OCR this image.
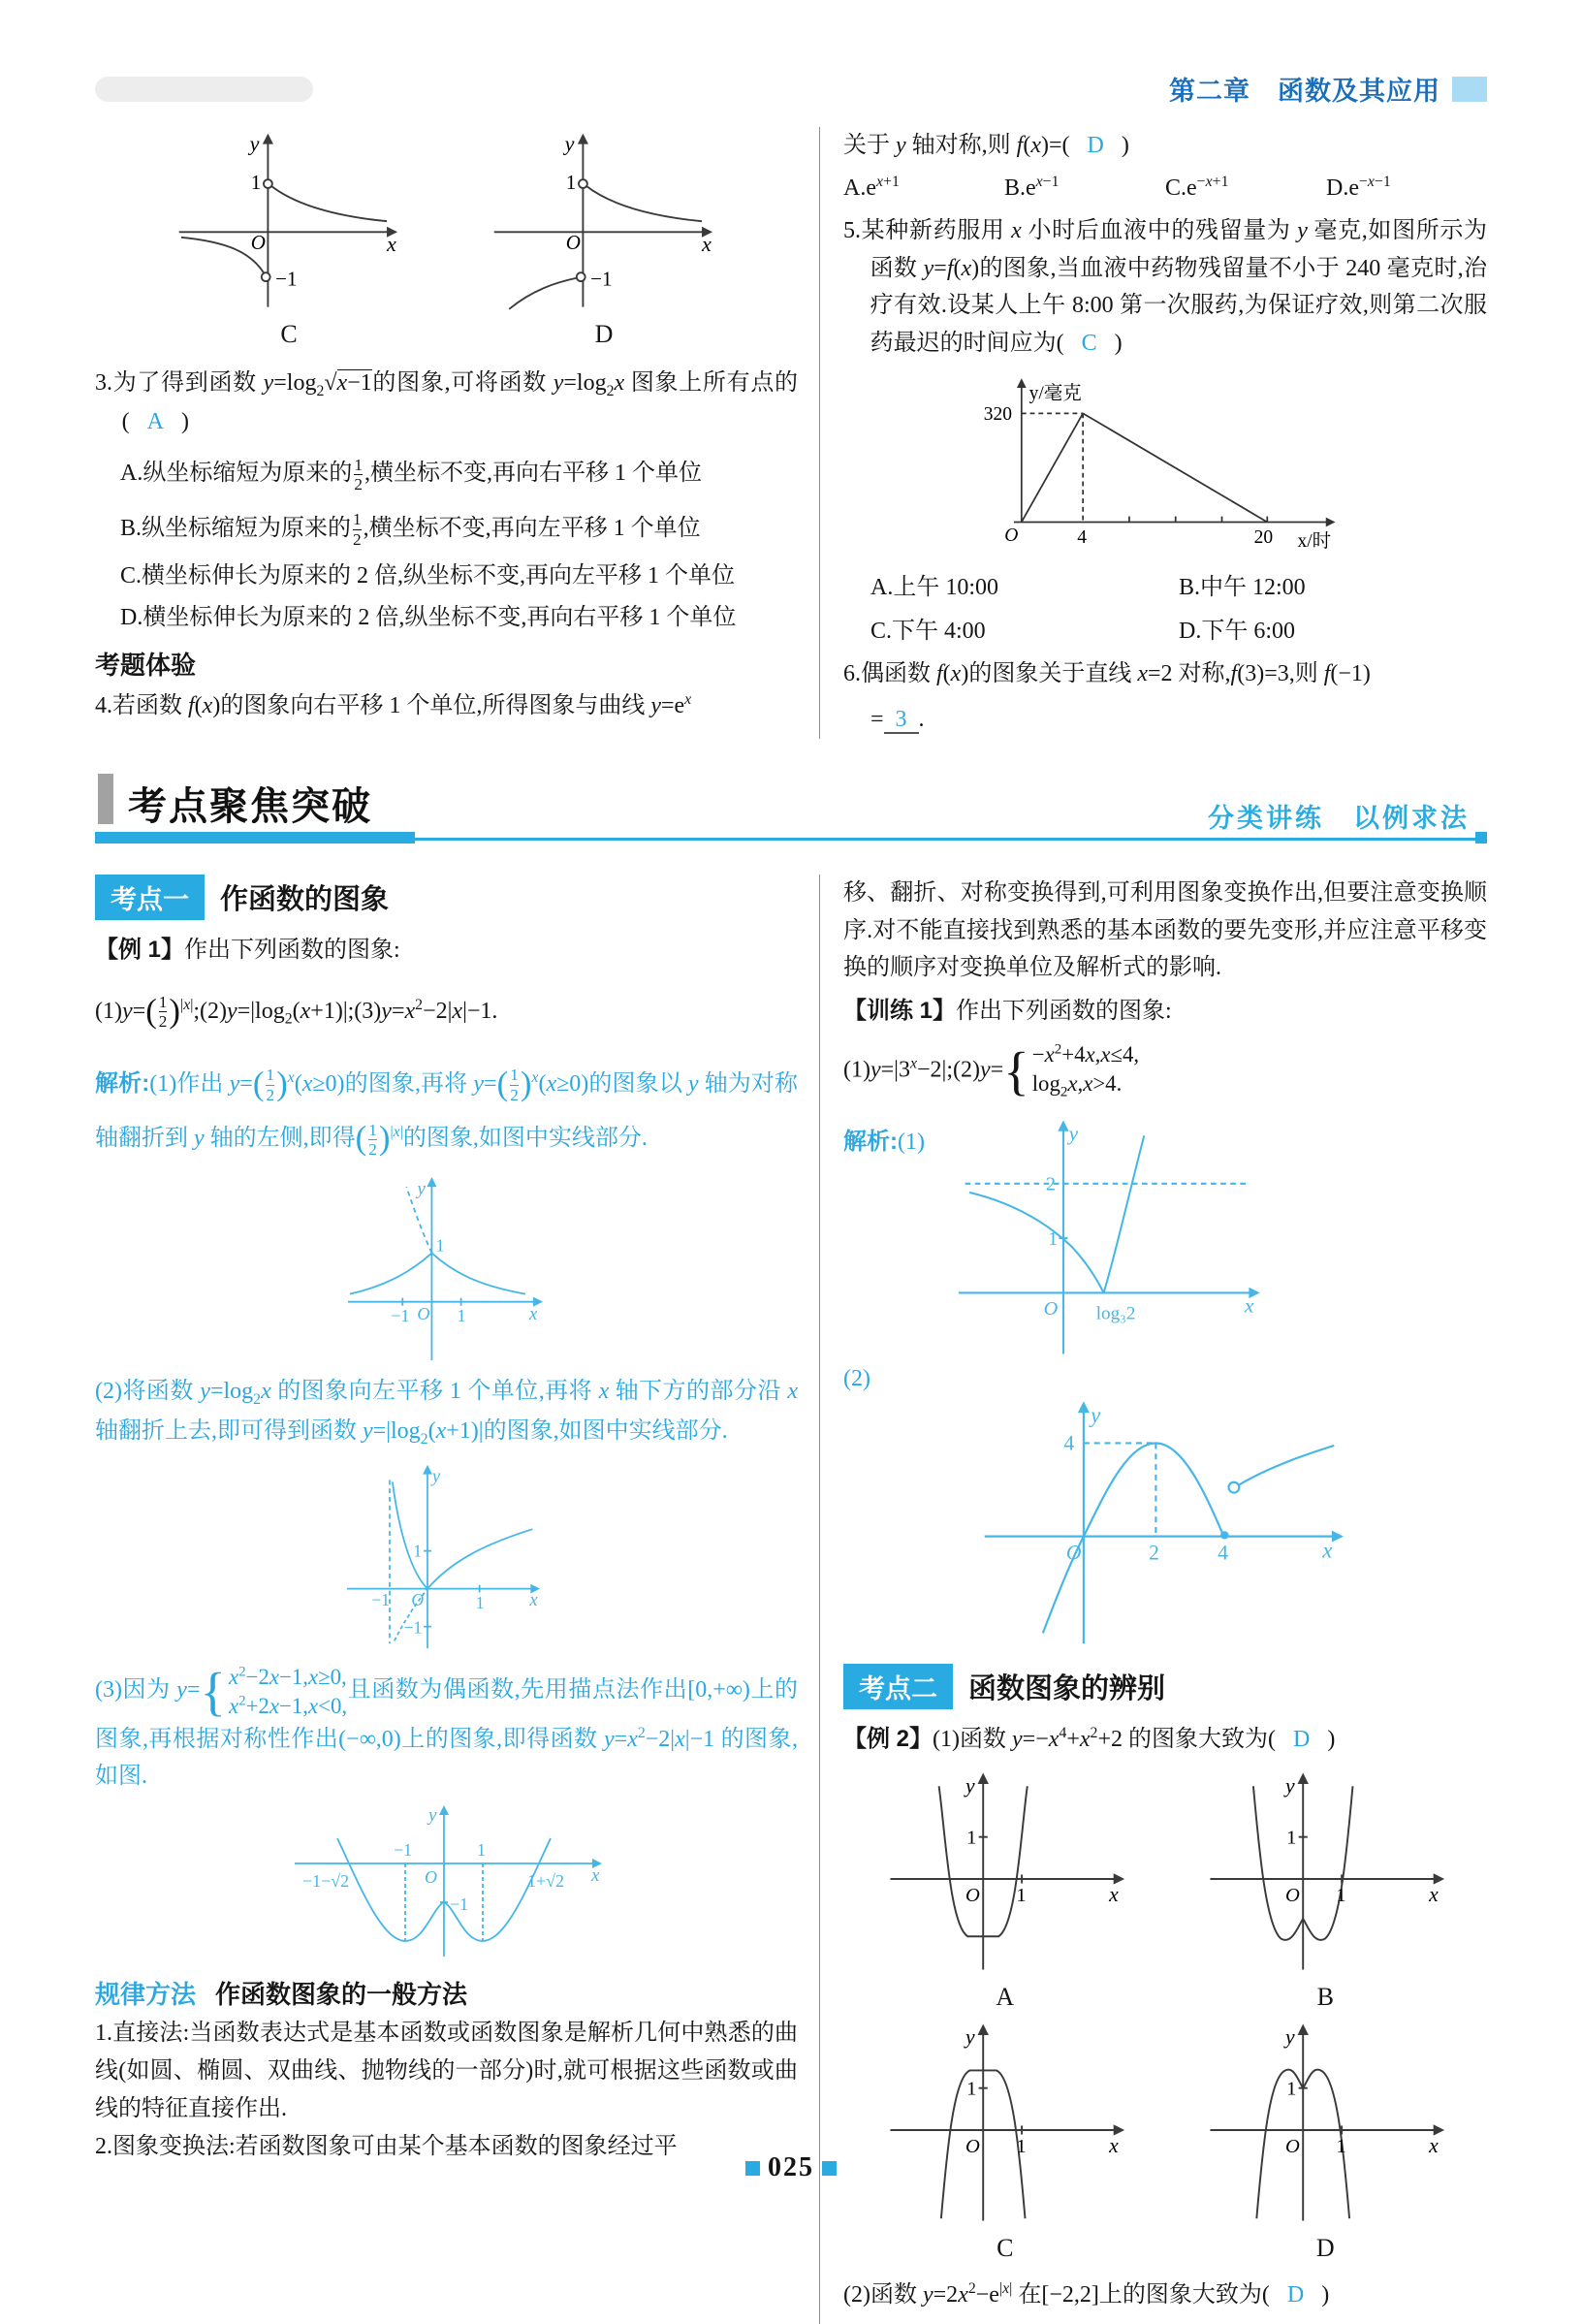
第二章　函数及其应用
y
x
O
1
−1
C
y
x
O
1
−1
D
3.为了得到函数 $y=\log_2√x-1$的图象,可将函数 $y=\log_2x$ 图象上所有点的(   A   )
A.纵坐标缩短为原来的 $\frac{1}{2}$ ,横坐标不变,再向右平移 1 个单位
B.纵坐标缩短为原来的 $\frac{1}{2}$ ,横坐标不变,再向左平移 1 个单位
C.横坐标伸长为原来的 2 倍,纵坐标不变,再向左平移 1 个单位
D.横坐标伸长为原来的 2 倍,纵坐标不变,再向右平移 1 个单位
考题体验
4.若函数 f(x)的图象向右平移 1 个单位,所得图象与曲线 $y=e^x$
关于 y 轴对称,则 f(x)=(   D   )
$A.e^{x+1}$	$B.e^{x-1}$	$C.e^{-x+1}$	$D.e^{-x-1}$
5.某种新药服用 x 小时后血液中的残留量为 y 毫克,如图所示为函数 y=f(x)的图象,当血液中药物残留量不小于 240 毫克时,治疗有效.设某人上午 8:00 第一次服药,为保证疗效,则第二次服药最迟的时间应为(   C   )
320
y/毫克
O	4	20 x/时
A.上午 10:00	B.中午 12:00
C.下午 4:00	D.下午 6:00
6.偶函数 f(x)的图象关于直线 x=2 对称,f(3)=3,则 f(−1)
= 3 .
考点聚焦突破	分类讲练　以例求法
考点一	作函数的图象
【例 1】作出下列函数的图象:
$(1)y=( \frac{1}{2}$ )$^{|x|};(2)y=|\log_2(x+1)|;(3)y=x^2-2|x|-1$.
解析:(1)作出 $y=( \frac{1}{2} )^x(x\ge 0)$的图象,再将 $y=( \frac{1}{2} )^x(x\ge 0)$的图象以 y 轴为对称轴翻折到 y 轴的左侧,即得( $\frac{1}{2} )^{|x|}$的图象,如图中实线部分.
y
x
1
−1 O 1
(2)将函数 $y=\log_2x$ 的图象向左平移 1 个单位,再将 x 轴下方的部分沿 x 轴翻折上去,即可得到函数 $y=|\log_2(x+1)|$的图象,如图中实线部分.
y
x
1
−1
−1 O	1
(3)因为 y= { $x^2-2x-1,x\ge 0$,
$x^2+2x-1,x<0$,
且函数为偶函数,先用描点法作出[0,+∞)上的图象,再根据对称性作出(−∞,0)上的图象,即得函数 $y=x^2-2|x|-1$ 的图象,如图.
y
x
−1	1
O
−1
−1−√2	1+√2
规律方法 作函数图象的一般方法
1.直接法:当函数表达式是基本函数或函数图象是解析几何中熟悉的曲线(如圆、椭圆、双曲线、抛物线的一部分)时,就可根据这些函数或曲线的特征直接作出.
2.图象变换法:若函数图象可由某个基本函数的图象经过平
移、翻折、对称变换得到,可利用图象变换作出,但要注意变换顺序.对不能直接找到熟悉的基本函数的要先变形,并应注意平移变换的顺序对变换单位及解析式的影响.
【训练 1】作出下列函数的图象:
$(1)y=|3^x-2|;(2)y=$ { $-x^2+4x,x\le 4$,
$\log_2x,x>4$.
解析:(1)	y
x
2
1
O log₃2
(2)
y
x
4
O	2	4
考点二	函数图象的辨别
【例 2】(1)函数 $y=-x^4+x^2+2$ 的图象大致为(   D   )
y
x
1
O 1
A
y
x
1
O 1
B
y
x
1
O 1
C
y
x
1
O 1
D
(2)函数 $y=2x^2-e^{|x|}$ 在[−2,2]上的图象大致为(   D   )
025
